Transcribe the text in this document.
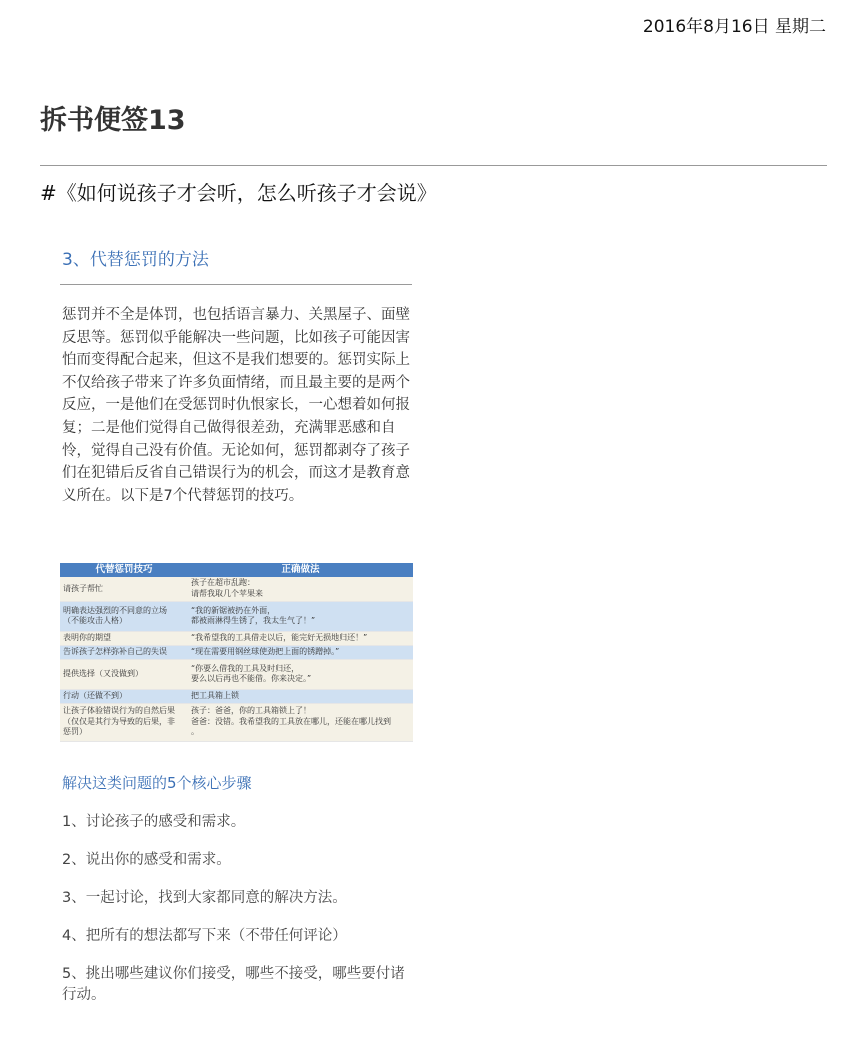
2016年8月16日 星期二
拆书便签13
#《如何说孩子才会听，怎么听孩子才会说》
3、代替惩罚的方法
惩罚并不全是体罚，也包括语言暴力、关黑屋子、面壁反思等。惩罚似乎能解决一些问题，比如孩子可能因害怕而变得配合起来，但这不是我们想要的。惩罚实际上不仅给孩子带来了许多负面情绪，而且最主要的是两个反应，一是他们在受惩罚时仇恨家长，一心想着如何报复；二是他们觉得自己做得很差劲，充满罪恶感和自怜，觉得自己没有价值。无论如何，惩罚都剥夺了孩子们在犯错后反省自己错误行为的机会，而这才是教育意义所在。以下是7个代替惩罚的技巧。
代替惩罚技巧	正确做法
请孩子帮忙	孩子在超市乱跑：
请帮我取几个苹果来
明确表达强烈的不同意的立场
（不能攻击人格）	“我的新锯被扔在外面，
都被雨淋得生锈了，我太生气了！”
表明你的期望	“我希望我的工具借走以后，能完好无损地归还！”
告诉孩子怎样弥补自己的失误	“现在需要用钢丝球使劲把上面的锈蹭掉。”
提供选择（又没做到）	“你要么借我的工具及时归还，
要么以后再也不能借。你来决定。”
行动（还做不到）	把工具箱上锁
让孩子体验错误行为的自然后果
（仅仅是其行为导致的后果，非
惩罚）	孩子：爸爸，你的工具箱锁上了！
爸爸：没错。我希望我的工具放在哪儿，还能在哪儿找到
。
解决这类问题的5个核心步骤
1、讨论孩子的感受和需求。
2、说出你的感受和需求。
3、一起讨论，找到大家都同意的解决方法。
4、把所有的想法都写下来（不带任何评论）
5、挑出哪些建议你们接受，哪些不接受，哪些要付诸行动。
